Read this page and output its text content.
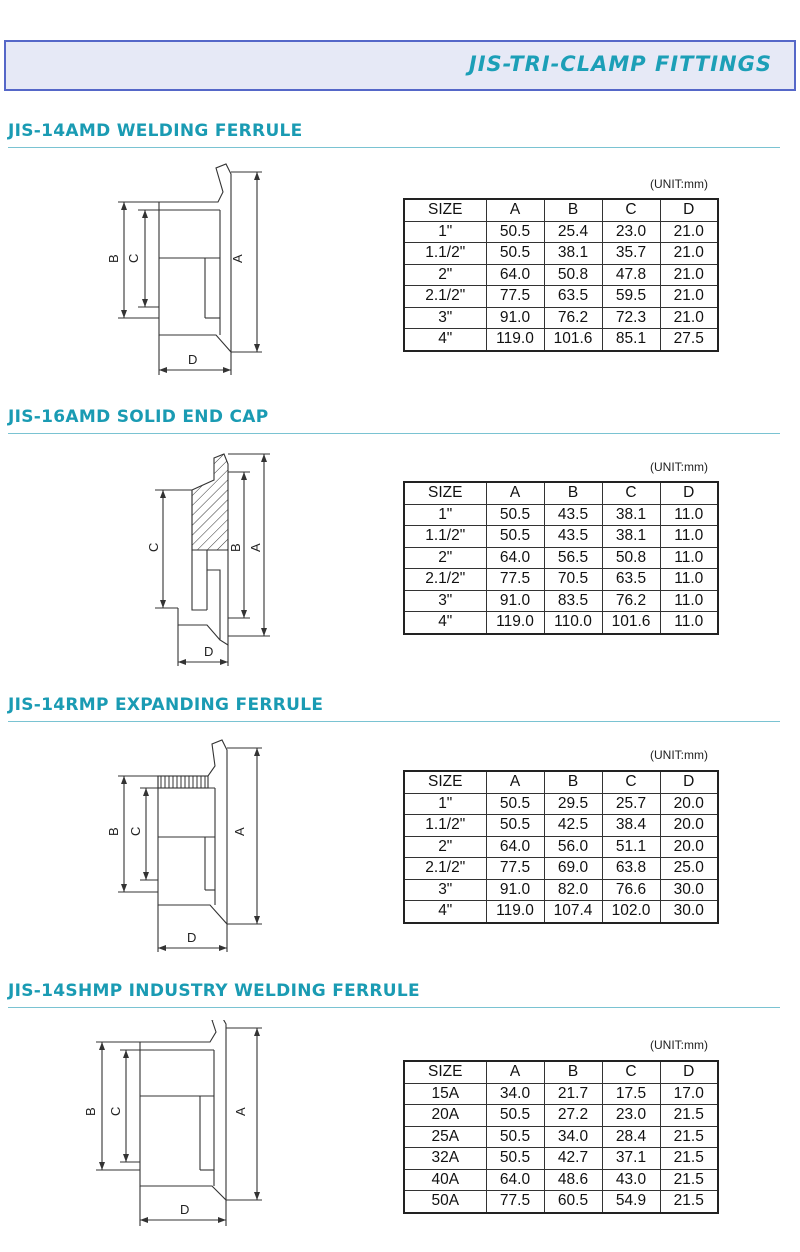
JIS-TRI-CLAMP FITTINGS
JIS-14AMD WELDING FERRULE
A
B C
D
(UNIT:mm)
SIZE	A	B	C	D
1"	50.5	25.4	23.0	21.0
1.1/2"	50.5	38.1	35.7	21.0
2"	64.0	50.8	47.8	21.0
2.1/2"	77.5	63.5	59.5	21.0
3"	91.0	76.2	72.3	21.0
4"	119.0	101.6	85.1	27.5
JIS-16AMD SOLID END CAP
C	B A
D
(UNIT:mm)
SIZE	A	B	C	D
1"	50.5	43.5	38.1	11.0
1.1/2"	50.5	43.5	38.1	11.0
2"	64.0	56.5	50.8	11.0
2.1/2"	77.5	70.5	63.5	11.0
3"	91.0	83.5	76.2	11.0
4"	119.0	110.0	101.6	11.0
JIS-14RMP EXPANDING FERRULE
A
B C
D
(UNIT:mm)
SIZE	A	B	C	D
1"	50.5	29.5	25.7	20.0
1.1/2"	50.5	42.5	38.4	20.0
2"	64.0	56.0	51.1	20.0
2.1/2"	77.5	69.0	63.8	25.0
3"	91.0	82.0	76.6	30.0
4"	119.0	107.4	102.0	30.0
JIS-14SHMP INDUSTRY WELDING FERRULE
A
B C
D
(UNIT:mm)
SIZE	A	B	C	D
15A	34.0	21.7	17.5	17.0
20A	50.5	27.2	23.0	21.5
25A	50.5	34.0	28.4	21.5
32A	50.5	42.7	37.1	21.5
40A	64.0	48.6	43.0	21.5
50A	77.5	60.5	54.9	21.5
